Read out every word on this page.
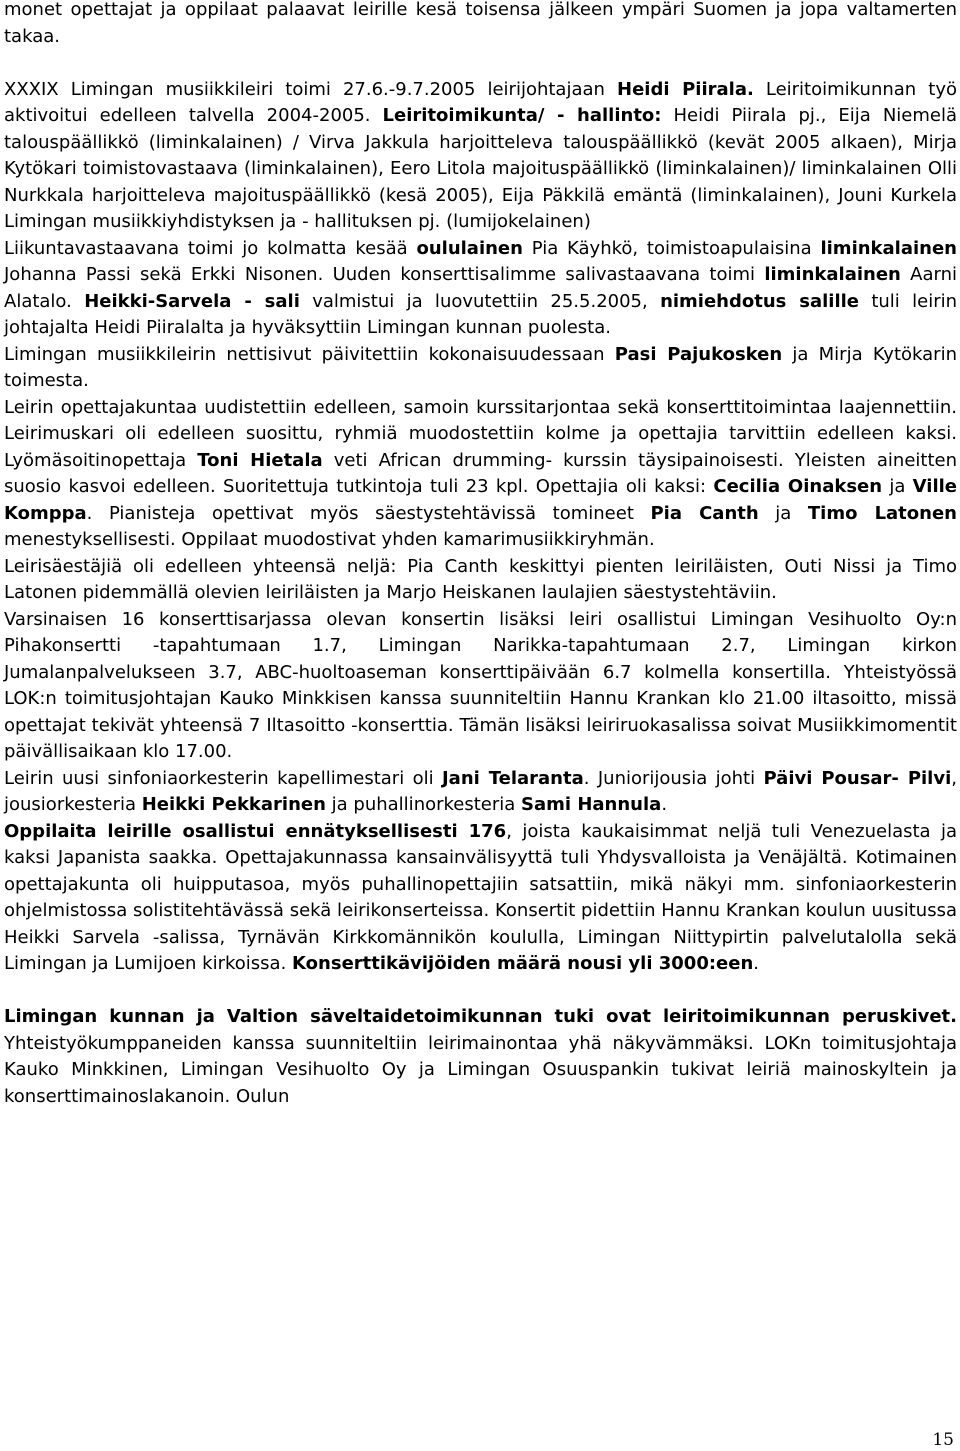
monet opettajat ja oppilaat palaavat leirille kesä toisensa jälkeen ympäri Suomen ja jopa valtamerten takaa.

XXXIX Limingan musiikkileiri toimi 27.6.-9.7.2005 leirijohtajaan Heidi Piirala. Leiritoimikunnan työ aktivoitui edelleen talvella 2004-2005. Leiritoimikunta/ - hallinto: Heidi Piirala pj., Eija Niemelä talouspäällikkö (liminkalainen) / Virva Jakkula harjoitteleva talouspäällikkö (kevät 2005 alkaen), Mirja Kytökari toimistovastaava (liminkalainen), Eero Litola majoituspäällikkö (liminkalainen)/ liminkalainen Olli Nurkkala harjoitteleva majoituspäällikkö (kesä 2005), Eija Päkkilä emäntä (liminkalainen), Jouni Kurkela Limingan musiikkiyhdistyksen ja - hallituksen pj. (lumijokelainen)

Liikuntavastaavana toimi jo kolmatta kesää oululainen Pia Käyhkö, toimistoapulaisina liminkalainen Johanna Passi sekä Erkki Nisonen. Uuden konserttisalimme salivastaavana toimi liminkalainen Aarni Alatalo. Heikki-Sarvela - sali valmistui ja luovutettiin 25.5.2005, nimiehdotus salille tuli leirin johtajalta Heidi Piiralalta ja hyväksyttiin Limingan kunnan puolesta.

Limingan musiikkileirin nettisivut päivitettiin kokonaisuudessaan Pasi Pajukosken ja Mirja Kytökarin toimesta.

Leirin opettajakuntaa uudistettiin edelleen, samoin kurssitarjontaa sekä konserttitoimintaa laajennettiin. Leirimuskari oli edelleen suosittu, ryhmiä muodostettiin kolme ja opettajia tarvittiin edelleen kaksi. Lyömäsoitinopettaja Toni Hietala veti African drumming- kurssin täysipainoisesti. Yleisten aineitten suosio kasvoi edelleen. Suoritettuja tutkintoja tuli 23 kpl. Opettajia oli kaksi: Cecilia Oinaksen ja Ville Komppa. Pianisteja opettivat myös säestystehtävissä tomineet Pia Canth ja Timo Latonen menestyksellisesti. Oppilaat muodostivat yhden kamarimusiikkiryhmän.

Leirisäestäjiä oli edelleen yhteensä neljä: Pia Canth keskittyi pienten leiriläisten, Outi Nissi ja Timo Latonen pidemmällä olevien leiriläisten ja Marjo Heiskanen laulajien säestystehtäviin.

Varsinaisen 16 konserttisarjassa olevan konsertin lisäksi leiri osallistui Limingan Vesihuolto Oy:n Pihakonsertti -tapahtumaan 1.7, Limingan Narikka-tapahtumaan 2.7, Limingan kirkon Jumalanpalvelukseen 3.7, ABC-huoltoaseman konserttipäivään 6.7 kolmella konsertilla. Yhteistyössä LOK:n toimitusjohtajan Kauko Minkkisen kanssa suunniteltiin Hannu Krankan klo 21.00 iltasoitto, missä opettajat tekivät yhteensä 7 Iltasoitto -konserttia. Tämän lisäksi leiriruokasalissa soivat Musiikkimomentit päivällisaikaan klo 17.00.

Leirin uusi sinfoniaorkesterin kapellimestari oli Jani Telaranta. Juniorijousia johti Päivi Pousar- Pilvi, jousiorkesteria Heikki Pekkarinen ja puhallinorkesteria Sami Hannula.

Oppilaita leirille osallistui ennätyksellisesti 176, joista kaukaisimmat neljä tuli Venezuelasta ja kaksi Japanista saakka. Opettajakunnassa kansainvälisyyttä tuli Yhdysvalloista ja Venäjältä. Kotimainen opettajakunta oli huipputasoa, myös puhallinopettajiin satsattiin, mikä näkyi mm. sinfoniaorkesterin ohjelmistossa solistitehtävässä sekä leirikonserteissa. Konsertit pidettiin Hannu Krankan koulun uusitussa Heikki Sarvela -salissa, Tyrnävän Kirkkomännikön koululla, Limingan Niittypirtin palvelutalolla sekä Limingan ja Lumijoen kirkoissa. Konserttikävijöiden määrä nousi yli 3000:een.

Limingan kunnan ja Valtion säveltaidetoimikunnan tuki ovat leiritoimikunnan peruskivet. Yhteistyökumppaneiden kanssa suunniteltiin leirimainontaa yhä näkyvämmäksi. LOKn toimitusjohtaja Kauko Minkkinen, Limingan Vesihuolto Oy ja Limingan Osuuspankin tukivat leiriä mainoskyltein ja konserttimainoslakanoin. Oulun

15
